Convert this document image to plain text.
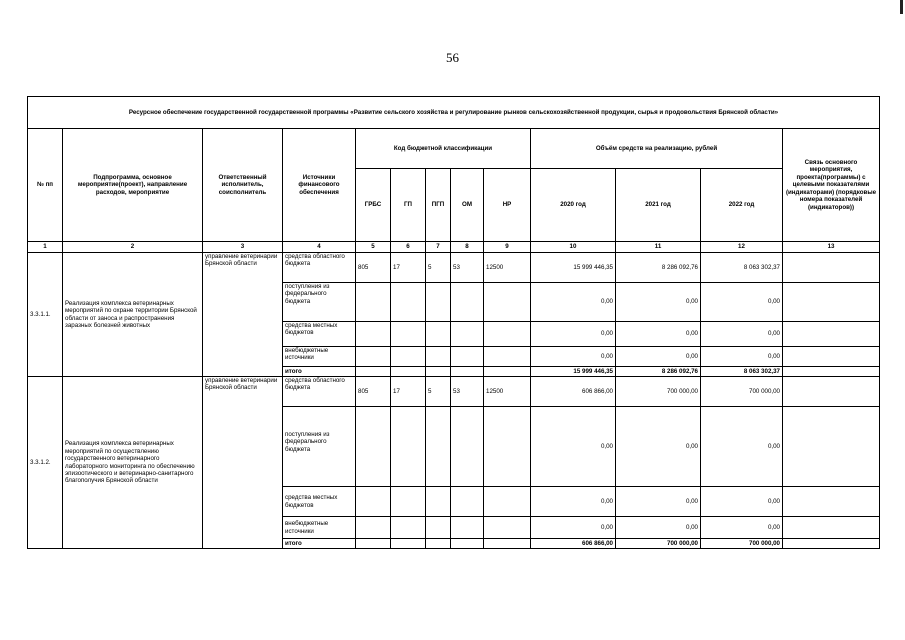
56
Ресурсное обеспечение государственной государственной программы «Развитие сельского хозяйства и регулирование рынков сельскохозяйственной продукции, сырья и продовольствия Брянской области»												
№ пп	Подпрограмма, основное мероприятие(проект), направление расходов, мероприятие	Ответственный исполнитель, соисполнитель	Источники финансового обеспечения	Код бюджетной классификации					Объём средств на реализацию, рублей			Связь основного мероприятия, проекта(программы) с целевыми показателями (индикаторами) (порядковые номера показателей (индикаторов))
				ГРБС	ГП	ПГП	ОМ	НР	2020 год	2021 год	2022 год	
1	2	3	4	5	6	7	8	9	10	11	12	13
3.3.1.1.	Реализация комплекса ветеринарных мероприятий по охране территории Брянской области от заноса и распространения заразных болезней животных	управление ветеринарии Брянской области	средства областного бюджета	805	17	5	53	12500	15 999 446,35	8 286 092,76	8 063 302,37	
			поступления из федерального бюджета						0,00	0,00	0,00	
			средства местных бюджетов						0,00	0,00	0,00	
			внебюджетные источники						0,00	0,00	0,00	
			итого						15 999 446,35	8 286 092,76	8 063 302,37	
3.3.1.2.	Реализация комплекса ветеринарных мероприятий по осуществлению государственного ветеринарного лабораторного мониторинга по обеспечению эпизоотического и ветеринарно-санитарного благополучия Брянской области	управление ветеринарии Брянской области	средства областного бюджета	805	17	5	53	12500	606 866,00	700 000,00	700 000,00	
			поступления из федерального бюджета						0,00	0,00	0,00	
			средства местных бюджетов						0,00	0,00	0,00	
			внебюджетные источники						0,00	0,00	0,00	
			итого						606 866,00	700 000,00	700 000,00	
